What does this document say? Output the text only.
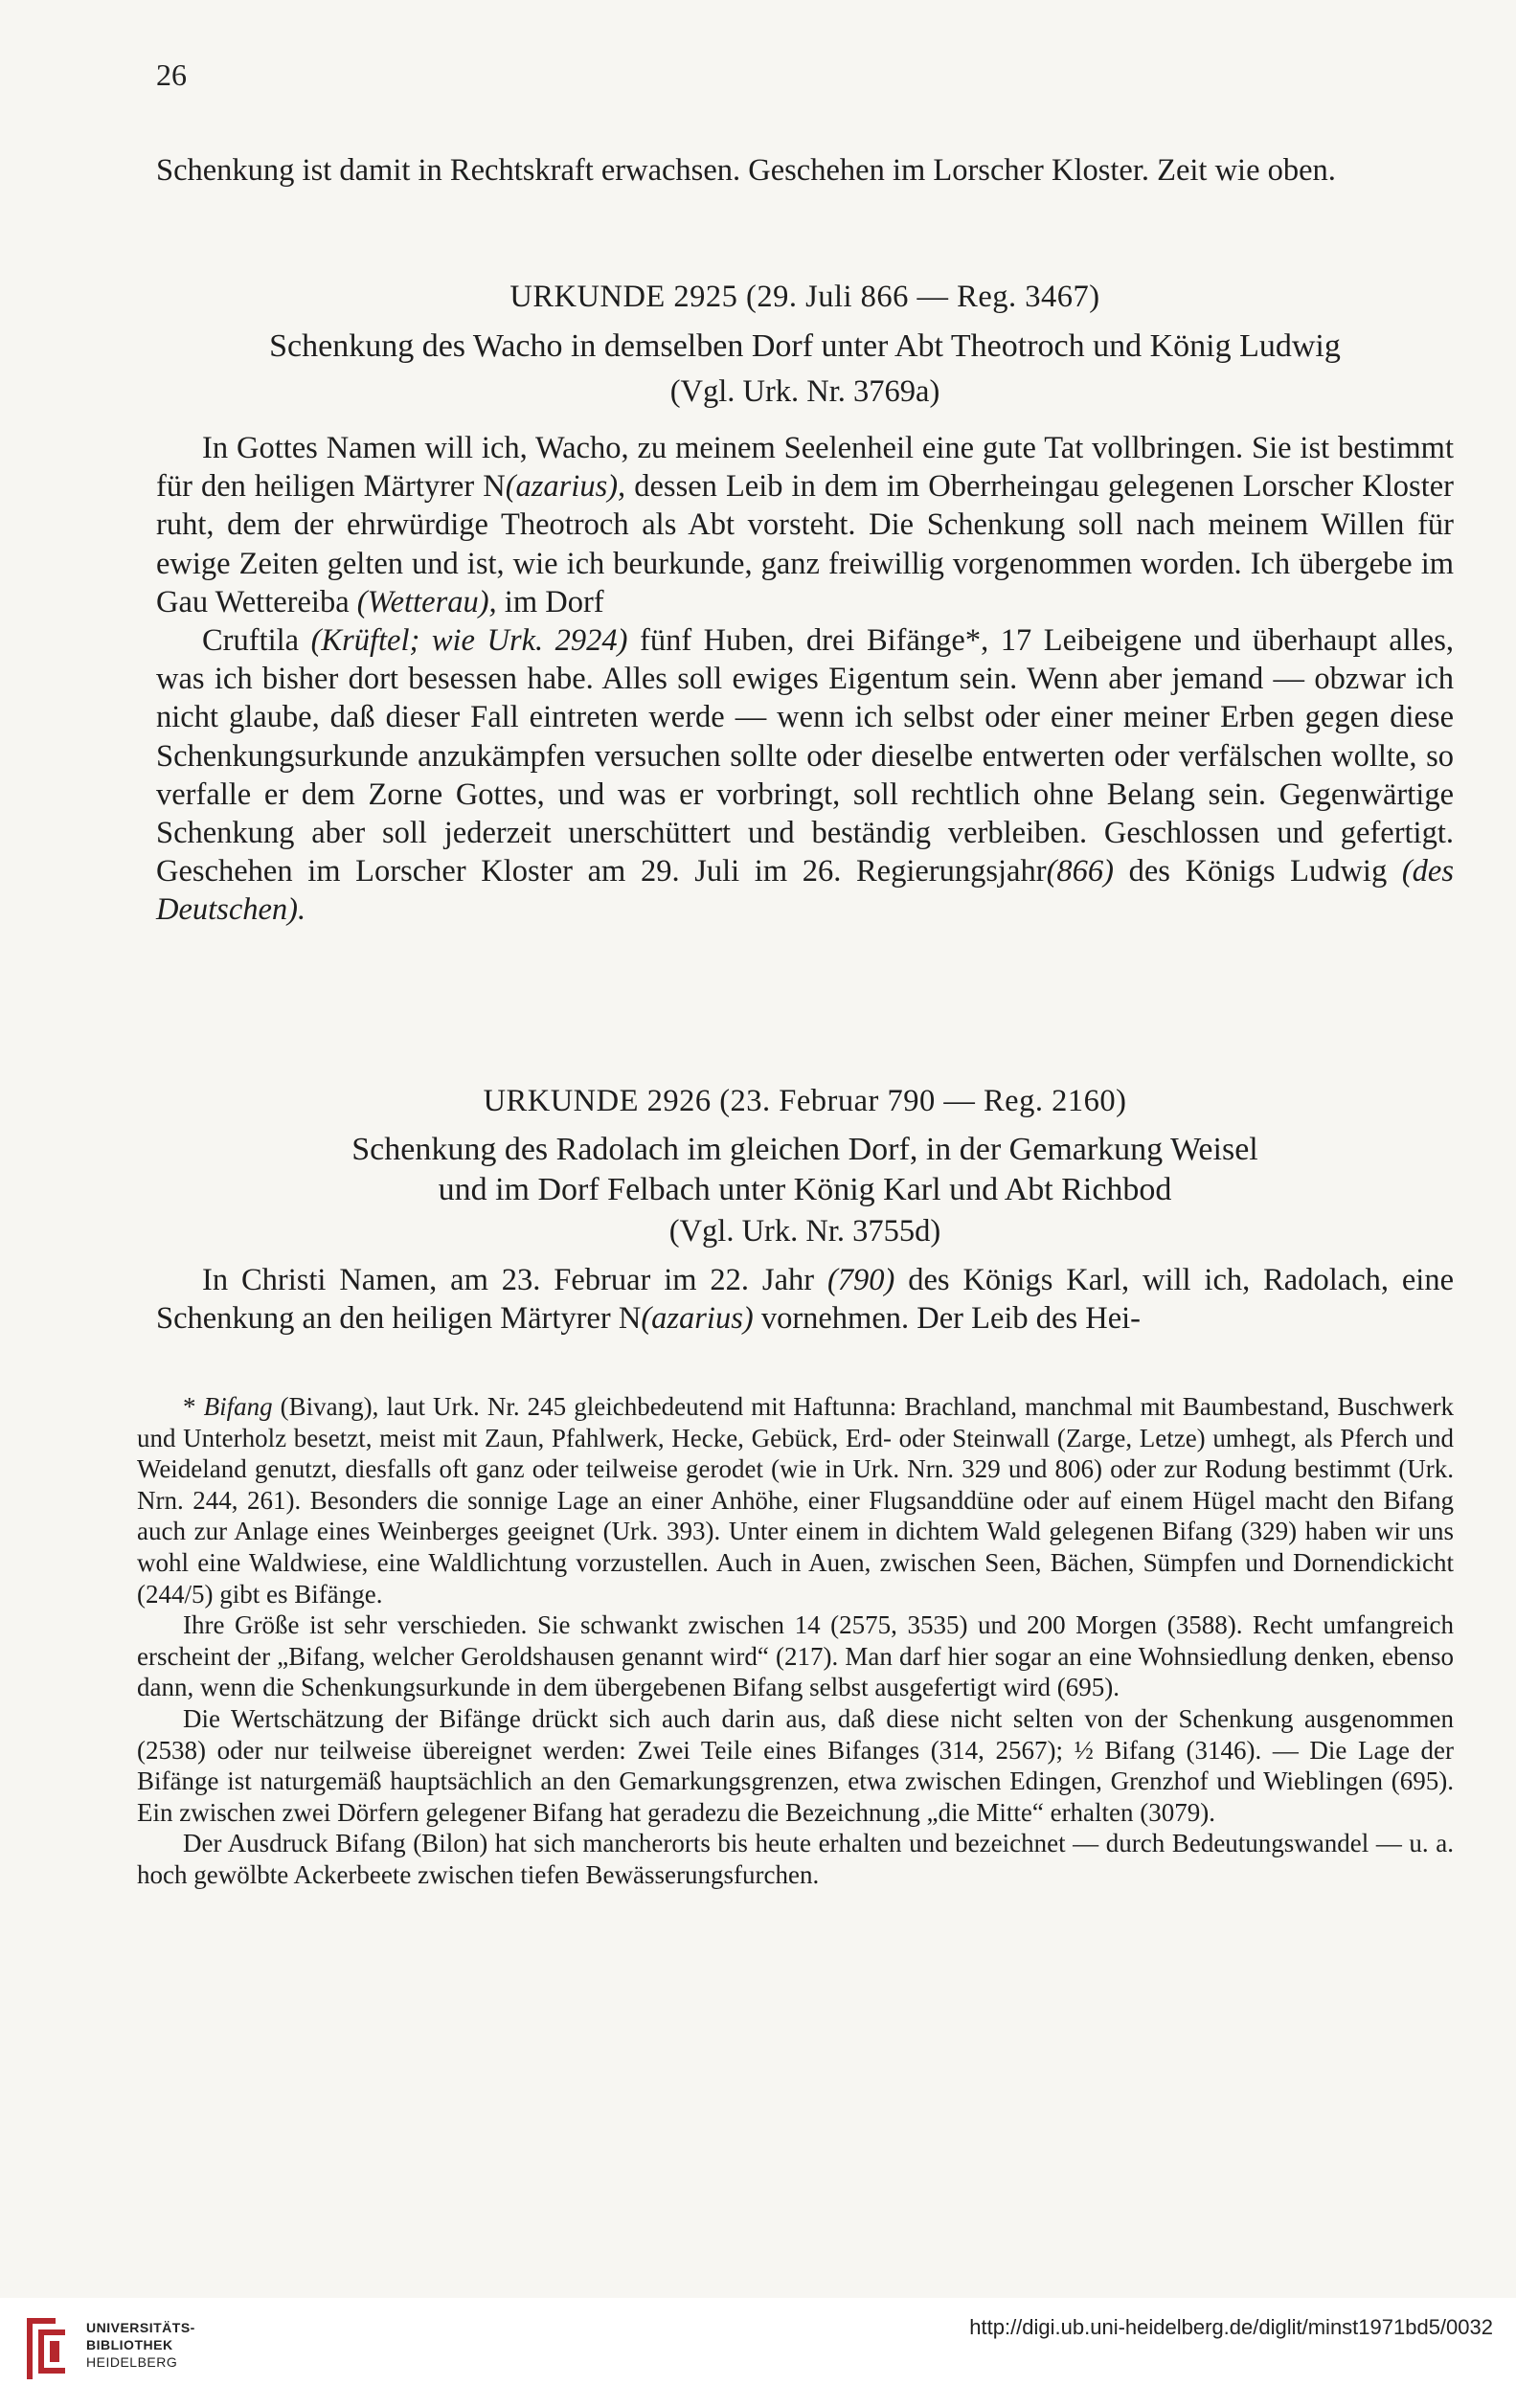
26

Schenkung ist damit in Rechtskraft erwachsen. Geschehen im Lorscher Kloster. Zeit wie oben.

URKUNDE 2925 (29. Juli 866 — Reg. 3467)
Schenkung des Wacho in demselben Dorf unter Abt Theotroch und König Ludwig
(Vgl. Urk. Nr. 3769a)

In Gottes Namen will ich, Wacho, zu meinem Seelenheil eine gute Tat vollbringen. Sie ist bestimmt für den heiligen Märtyrer N(azarius), dessen Leib in dem im Oberrheingau gelegenen Lorscher Kloster ruht, dem der ehrwürdige Theotroch als Abt vorsteht. Die Schenkung soll nach meinem Willen für ewige Zeiten gelten und ist, wie ich beurkunde, ganz freiwillig vorgenommen worden. Ich übergebe im Gau Wettereiba (Wetterau), im Dorf

Cruftila (Krüftel; wie Urk. 2924) fünf Huben, drei Bifänge*, 17 Leibeigene und überhaupt alles, was ich bisher dort besessen habe. Alles soll ewiges Eigentum sein. Wenn aber jemand — obzwar ich nicht glaube, daß dieser Fall eintreten werde — wenn ich selbst oder einer meiner Erben gegen diese Schenkungsurkunde anzukämpfen versuchen sollte oder dieselbe entwerten oder verfälschen wollte, so verfalle er dem Zorne Gottes, und was er vorbringt, soll rechtlich ohne Belang sein. Gegenwärtige Schenkung aber soll jederzeit unerschüttert und beständig verbleiben. Geschlossen und gefertigt. Geschehen im Lorscher Kloster am 29. Juli im 26. Regierungsjahr(866) des Königs Ludwig (des Deutschen).

URKUNDE 2926 (23. Februar 790 — Reg. 2160)
Schenkung des Radolach im gleichen Dorf, in der Gemarkung Weisel
und im Dorf Felbach unter König Karl und Abt Richbod
(Vgl. Urk. Nr. 3755d)

In Christi Namen, am 23. Februar im 22. Jahr (790) des Königs Karl, will ich, Radolach, eine Schenkung an den heiligen Märtyrer N(azarius) vornehmen. Der Leib des Hei-

* Bifang (Bivang), laut Urk. Nr. 245 gleichbedeutend mit Haftunna: Brachland, manchmal mit Baumbestand, Buschwerk und Unterholz besetzt, meist mit Zaun, Pfahlwerk, Hecke, Gebück, Erd- oder Steinwall (Zarge, Letze) umhegt, als Pferch und Weideland genutzt, diesfalls oft ganz oder teilweise gerodet (wie in Urk. Nrn. 329 und 806) oder zur Rodung bestimmt (Urk. Nrn. 244, 261). Besonders die sonnige Lage an einer Anhöhe, einer Flugsanddüne oder auf einem Hügel macht den Bifang auch zur Anlage eines Weinberges geeignet (Urk. 393). Unter einem in dichtem Wald gelegenen Bifang (329) haben wir uns wohl eine Waldwiese, eine Waldlichtung vorzustellen. Auch in Auen, zwischen Seen, Bächen, Sümpfen und Dornendickicht (244/5) gibt es Bifänge.

Ihre Größe ist sehr verschieden. Sie schwankt zwischen 14 (2575, 3535) und 200 Morgen (3588). Recht umfangreich erscheint der „Bifang, welcher Geroldshausen genannt wird“ (217). Man darf hier sogar an eine Wohnsiedlung denken, ebenso dann, wenn die Schenkungsurkunde in dem übergebenen Bifang selbst ausgefertigt wird (695).

Die Wertschätzung der Bifänge drückt sich auch darin aus, daß diese nicht selten von der Schenkung ausgenommen (2538) oder nur teilweise übereignet werden: Zwei Teile eines Bifanges (314, 2567); ½ Bifang (3146). — Die Lage der Bifänge ist naturgemäß hauptsächlich an den Gemarkungsgrenzen, etwa zwischen Edingen, Grenzhof und Wieblingen (695). Ein zwischen zwei Dörfern gelegener Bifang hat geradezu die Bezeichnung „die Mitte“ erhalten (3079).

Der Ausdruck Bifang (Bilon) hat sich mancherorts bis heute erhalten und bezeichnet — durch Bedeutungswandel — u. a. hoch gewölbte Ackerbeete zwischen tiefen Bewässerungsfurchen.

UNIVERSITÄTS-
BIBLIOTHEK
HEIDELBERG
http://digi.ub.uni-heidelberg.de/diglit/minst1971bd5/0032
